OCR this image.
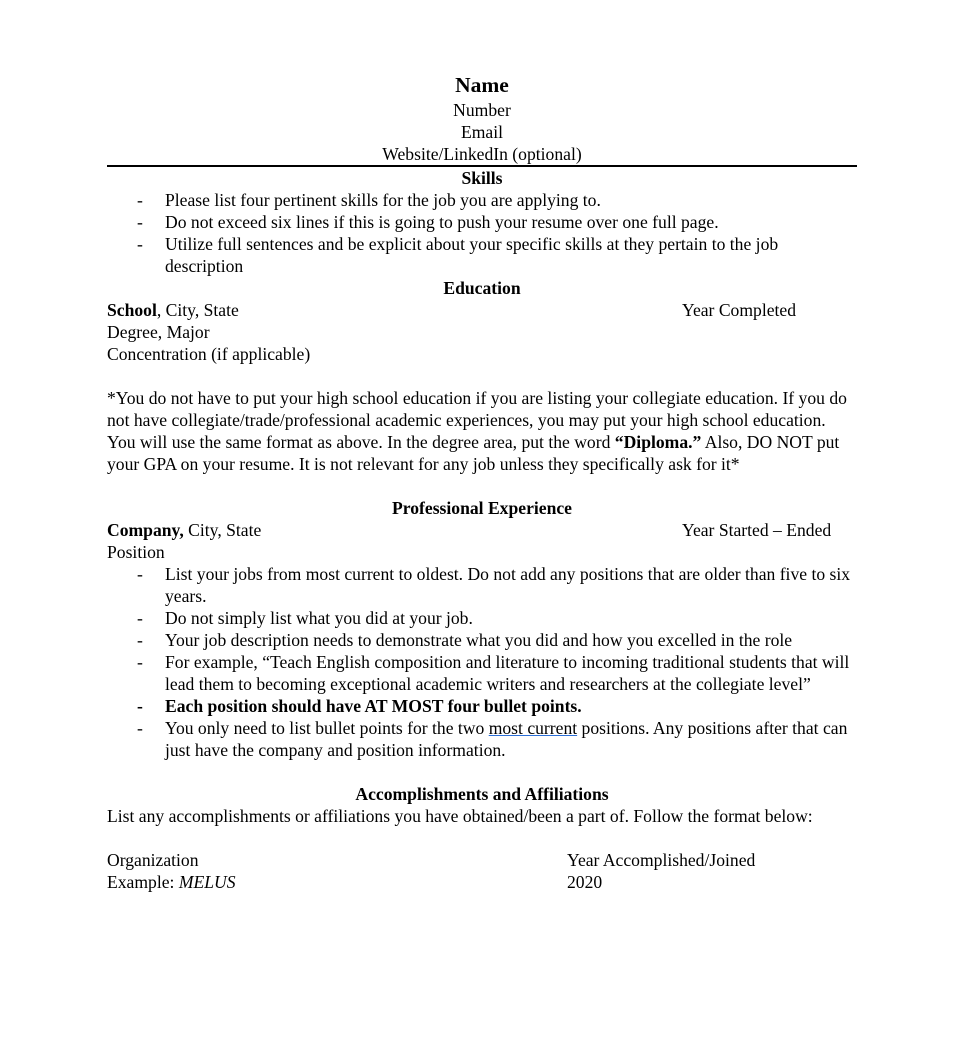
Name
Number
Email
Website/LinkedIn (optional)
Skills
- Please list four pertinent skills for the job you are applying to.
- Do not exceed six lines if this is going to push your resume over one full page.
- Utilize full sentences and be explicit about your specific skills at they pertain to the job description
Education
School, City, State	Year Completed
Degree, Major
Concentration (if applicable)
*You do not have to put your high school education if you are listing your collegiate education. If you do not have collegiate/trade/professional academic experiences, you may put your high school education. You will use the same format as above. In the degree area, put the word “Diploma.” Also, DO NOT put your GPA on your resume. It is not relevant for any job unless they specifically ask for it*
Professional Experience
Company, City, State	Year Started – Ended
Position
- List your jobs from most current to oldest. Do not add any positions that are older than five to six years.
- Do not simply list what you did at your job.
- Your job description needs to demonstrate what you did and how you excelled in the role
- For example, “Teach English composition and literature to incoming traditional students that will lead them to becoming exceptional academic writers and researchers at the collegiate level”
- Each position should have AT MOST four bullet points.
- You only need to list bullet points for the two most current positions. Any positions after that can just have the company and position information.
Accomplishments and Affiliations
List any accomplishments or affiliations you have obtained/been a part of. Follow the format below:
Organization	Year Accomplished/Joined
Example: MELUS	2020
